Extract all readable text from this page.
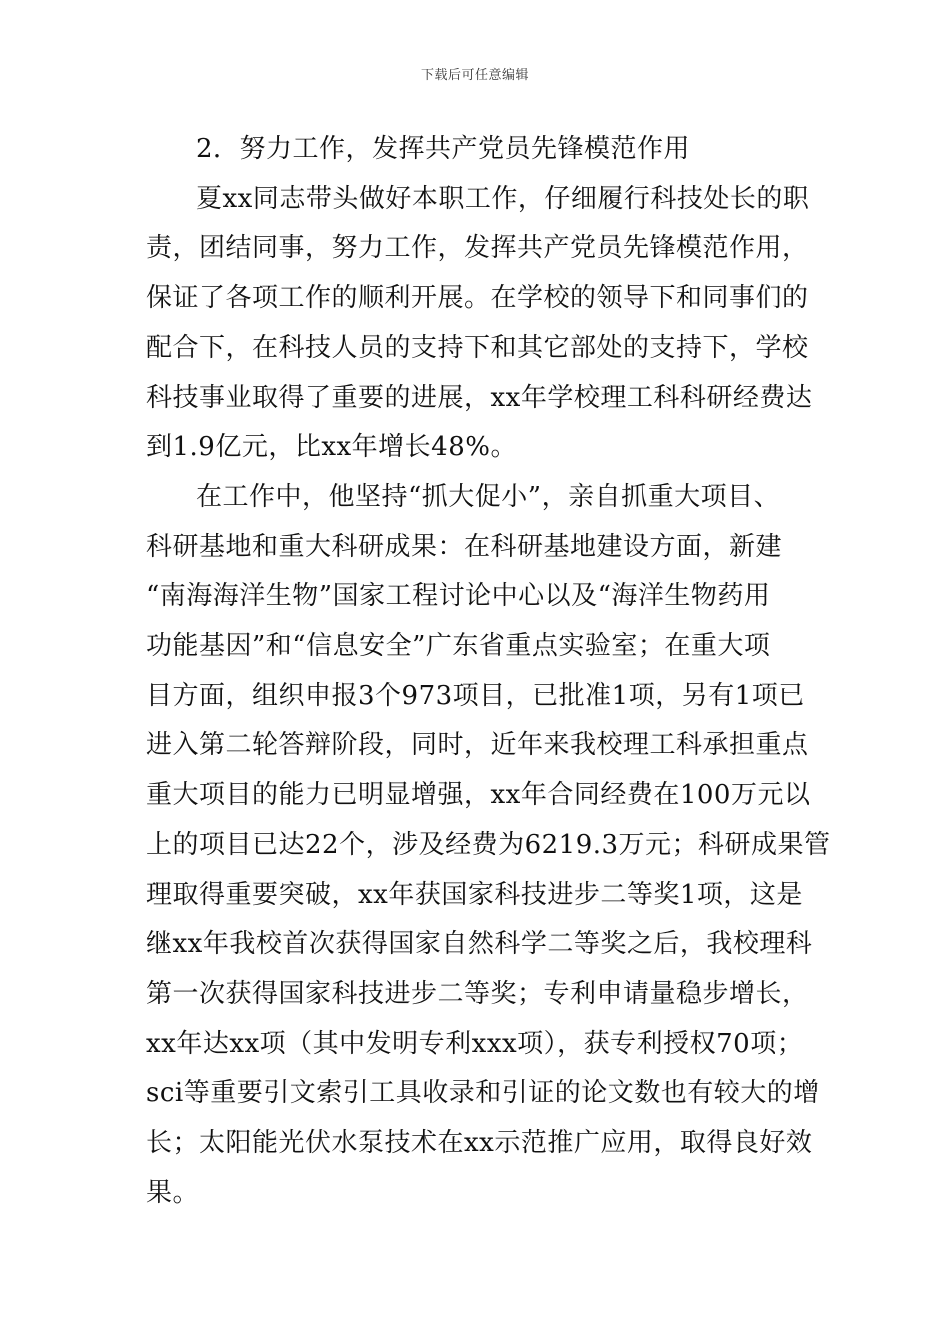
下载后可任意编辑
2．努力工作，发挥共产党员先锋模范作用
夏xx同志带头做好本职工作，仔细履行科技处长的职
责，团结同事，努力工作，发挥共产党员先锋模范作用，
保证了各项工作的顺利开展。在学校的领导下和同事们的
配合下，在科技人员的支持下和其它部处的支持下，学校
科技事业取得了重要的进展，xx年学校理工科科研经费达
到1.9亿元，比xx年增长48%。
在工作中，他坚持“抓大促小”，亲自抓重大项目、
科研基地和重大科研成果：在科研基地建设方面，新建
“南海海洋生物”国家工程讨论中心以及“海洋生物药用
功能基因”和“信息安全”广东省重点实验室；在重大项
目方面，组织申报3个973项目，已批准1项，另有1项已
进入第二轮答辩阶段，同时，近年来我校理工科承担重点
重大项目的能力已明显增强，xx年合同经费在100万元以
上的项目已达22个，涉及经费为6219.3万元；科研成果管
理取得重要突破，xx年获国家科技进步二等奖1项，这是
继xx年我校首次获得国家自然科学二等奖之后，我校理科
第一次获得国家科技进步二等奖；专利申请量稳步增长，
xx年达xx项（其中发明专利xxx项），获专利授权70项；
sci等重要引文索引工具收录和引证的论文数也有较大的增
长；太阳能光伏水泵技术在xx示范推广应用，取得良好效
果。
